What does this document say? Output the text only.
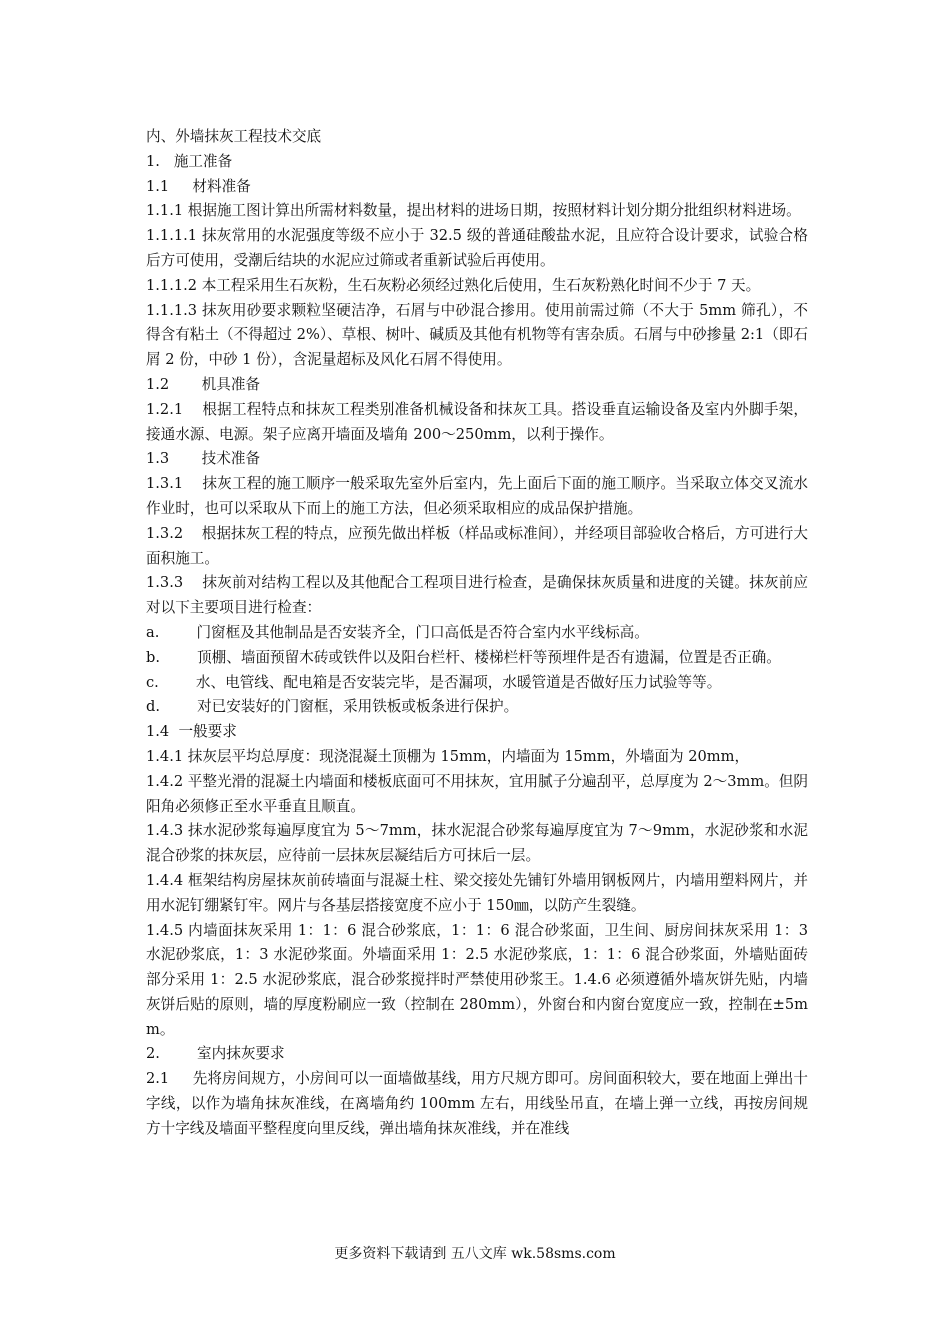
内、外墙抹灰工程技术交底

1.   施工准备

1.1     材料准备

1.1.1 根据施工图计算出所需材料数量，提出材料的进场日期，按照材料计划分期分批组织材料进场。

1.1.1.1 抹灰常用的水泥强度等级不应小于 32.5 级的普通硅酸盐水泥，且应符合设计要求，试验合格后方可使用，受潮后结块的水泥应过筛或者重新试验后再使用。

1.1.1.2 本工程采用生石灰粉，生石灰粉必须经过熟化后使用，生石灰粉熟化时间不少于 7 天。

1.1.1.3 抹灰用砂要求颗粒坚硬洁净，石屑与中砂混合掺用。使用前需过筛（不大于 5mm 筛孔），不得含有粘土（不得超过 2%）、草根、树叶、碱质及其他有机物等有害杂质。石屑与中砂掺量 2:1（即石屑 2 份，中砂 1 份），含泥量超标及风化石屑不得使用。

1.2       机具准备

1.2.1    根据工程特点和抹灰工程类别准备机械设备和抹灰工具。搭设垂直运输设备及室内外脚手架，接通水源、电源。架子应离开墙面及墙角 200～250mm，以利于操作。

1.3       技术准备

1.3.1    抹灰工程的施工顺序一般采取先室外后室内，先上面后下面的施工顺序。当采取立体交叉流水作业时，也可以采取从下而上的施工方法，但必须采取相应的成品保护措施。

1.3.2    根据抹灰工程的特点，应预先做出样板（样品或标准间），并经项目部验收合格后，方可进行大面积施工。

1.3.3    抹灰前对结构工程以及其他配合工程项目进行检查，是确保抹灰质量和进度的关键。抹灰前应对以下主要项目进行检查：

a.        门窗框及其他制品是否安装齐全，门口高低是否符合室内水平线标高。

b.        顶棚、墙面预留木砖或铁件以及阳台栏杆、楼梯栏杆等预埋件是否有遗漏，位置是否正确。

c.        水、电管线、配电箱是否安装完毕，是否漏项，水暖管道是否做好压力试验等等。

d.        对已安装好的门窗框，采用铁板或板条进行保护。

1.4  一般要求

1.4.1 抹灰层平均总厚度：现浇混凝土顶棚为 15mm，内墙面为 15mm，外墙面为 20mm，

1.4.2 平整光滑的混凝土内墙面和楼板底面可不用抹灰，宜用腻子分遍刮平，总厚度为 2～3mm。但阴阳角必须修正至水平垂直且顺直。

1.4.3 抹水泥砂浆每遍厚度宜为 5～7mm，抹水泥混合砂浆每遍厚度宜为 7～9mm，水泥砂浆和水泥混合砂浆的抹灰层，应待前一层抹灰层凝结后方可抹后一层。

1.4.4 框架结构房屋抹灰前砖墙面与混凝土柱、梁交接处先铺钉外墙用钢板网片，内墙用塑料网片，并用水泥钉绷紧钉牢。网片与各基层搭接宽度不应小于 150㎜，以防产生裂缝。

1.4.5 内墙面抹灰采用 1：1：6 混合砂浆底，1：1：6 混合砂浆面，卫生间、厨房间抹灰采用 1：3 水泥砂浆底，1：3 水泥砂浆面。外墙面采用 1：2.5 水泥砂浆底，1：1：6 混合砂浆面，外墙贴面砖部分采用 1：2.5 水泥砂浆底，混合砂浆搅拌时严禁使用砂浆王。1.4.6 必须遵循外墙灰饼先贴，内墙灰饼后贴的原则，墙的厚度粉刷应一致（控制在 280mm），外窗台和内窗台宽度应一致，控制在±5mm。

2.        室内抹灰要求

2.1     先将房间规方，小房间可以一面墙做基线，用方尺规方即可。房间面积较大，要在地面上弹出十字线，以作为墙角抹灰准线，在离墙角约 100mm 左右，用线坠吊直，在墙上弹一立线，再按房间规方十字线及墙面平整程度向里反线，弹出墙角抹灰准线，并在准线

更多资料下载请到 五八文库 wk.58sms.com
